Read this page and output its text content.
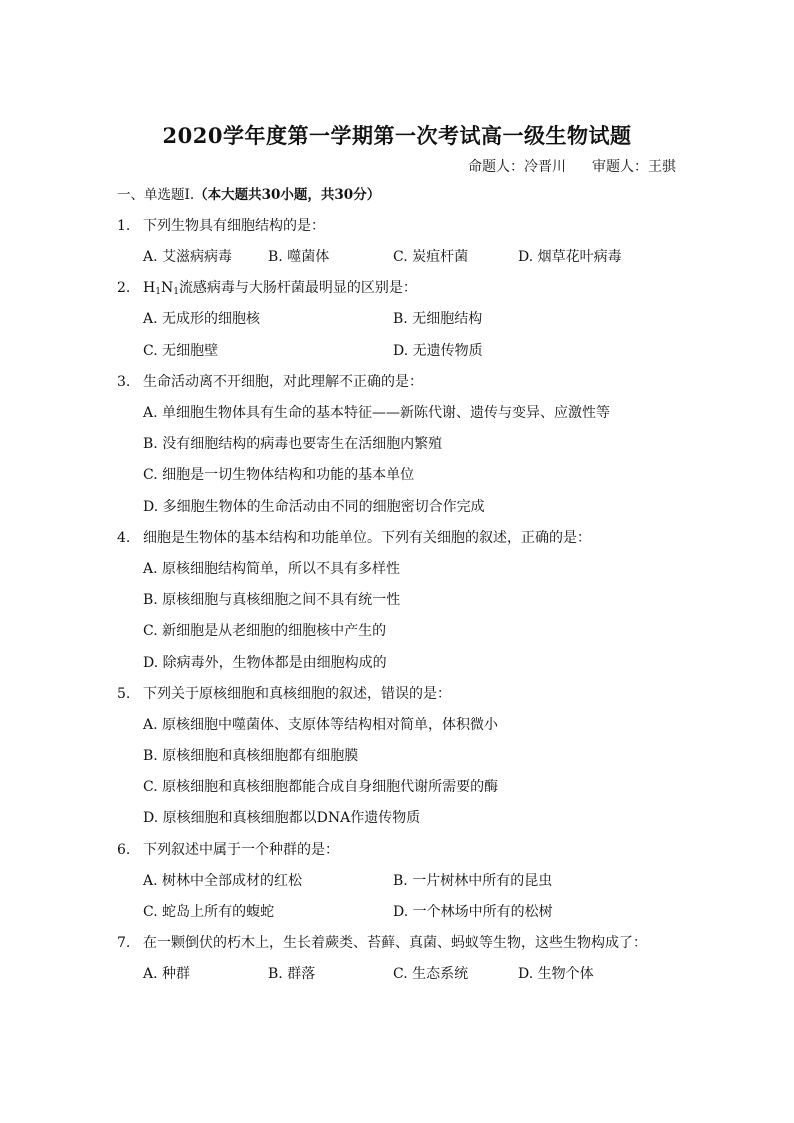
2020学年度第一学期第一次考试高一级生物试题
命题人：冷晋川 审题人：王骐
一、单选题Ⅰ.（本大题共30小题，共30分）
1. 下列生物具有细胞结构的是：
A. 艾滋病病毒	B. 噬菌体	C. 炭疽杆菌	D. 烟草花叶病毒
2. $H_1N_1$流感病毒与大肠杆菌最明显的区别是：
A. 无成形的细胞核	B. 无细胞结构
C. 无细胞壁	D. 无遗传物质
3. 生命活动离不开细胞，对此理解不正确的是：
A. 单细胞生物体具有生命的基本特征——新陈代谢、遗传与变异、应激性等
B. 没有细胞结构的病毒也要寄生在活细胞内繁殖
C. 细胞是一切生物体结构和功能的基本单位
D. 多细胞生物体的生命活动由不同的细胞密切合作完成
4. 细胞是生物体的基本结构和功能单位。下列有关细胞的叙述，正确的是：
A. 原核细胞结构简单，所以不具有多样性
B. 原核细胞与真核细胞之间不具有统一性
C. 新细胞是从老细胞的细胞核中产生的
D. 除病毒外，生物体都是由细胞构成的
5. 下列关于原核细胞和真核细胞的叙述，错误的是：
A. 原核细胞中噬菌体、支原体等结构相对简单，体积微小
B. 原核细胞和真核细胞都有细胞膜
C. 原核细胞和真核细胞都能合成自身细胞代谢所需要的酶
D. 原核细胞和真核细胞都以DNA作遗传物质
6. 下列叙述中属于一个种群的是：
A. 树林中全部成材的红松	B. 一片树林中所有的昆虫
C. 蛇岛上所有的蝮蛇	D. 一个林场中所有的松树
7. 在一颗倒伏的朽木上，生长着蕨类、苔藓、真菌、蚂蚁等生物，这些生物构成了：
A. 种群	B. 群落	C. 生态系统	D. 生物个体
